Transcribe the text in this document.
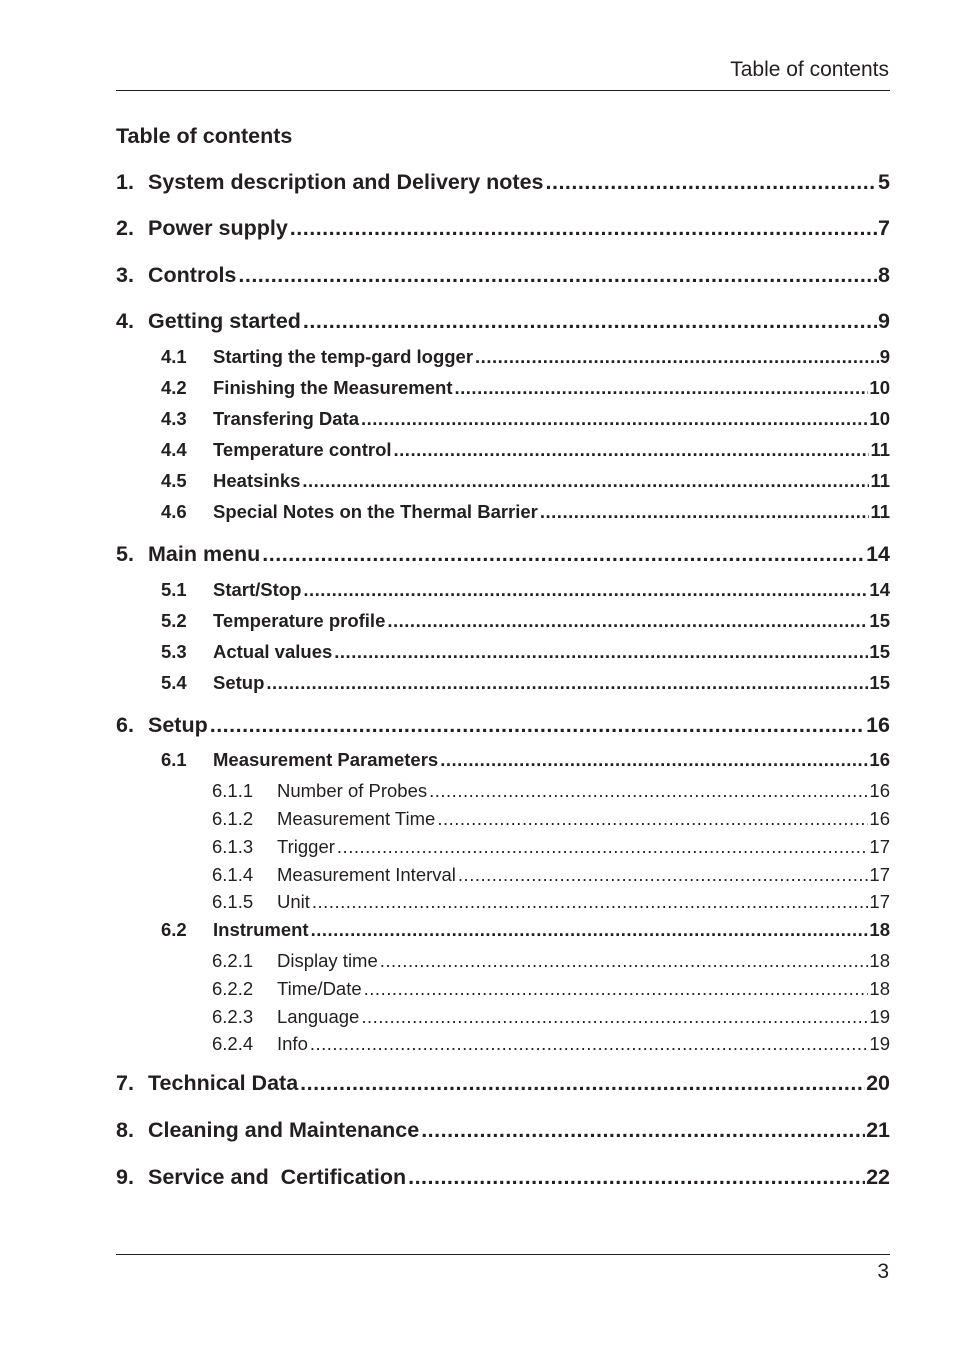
Table of contents
Table of contents
1. System description and Delivery notes .....	5
2. Power supply .....	7
3. Controls .....	8
4. Getting started .....	9
4.1	Starting the temp-gard logger .....	9
4.2	Finishing the Measurement .....	10
4.3	Transfering Data .....	10
4.4	Temperature control .....	11
4.5	Heatsinks .....	11
4.6	Special Notes on the Thermal Barrier .....	11
5. Main menu .....	14
5.1	Start/Stop .....	14
5.2	Temperature profile .....	15
5.3	Actual values .....	15
5.4	Setup .....	15
6. Setup .....	16
6.1	Measurement Parameters .....	16
6.1.1	Number of Probes .....	16
6.1.2	Measurement Time .....	16
6.1.3	Trigger .....	17
6.1.4	Measurement Interval .....	17
6.1.5	Unit .....	17
6.2	Instrument .....	18
6.2.1	Display time .....	18
6.2.2	Time/Date .....	18
6.2.3	Language .....	19
6.2.4	Info .....	19
7. Technical Data .....	20
8. Cleaning and Maintenance .....	21
9. Service and  Certification .....	22
3
